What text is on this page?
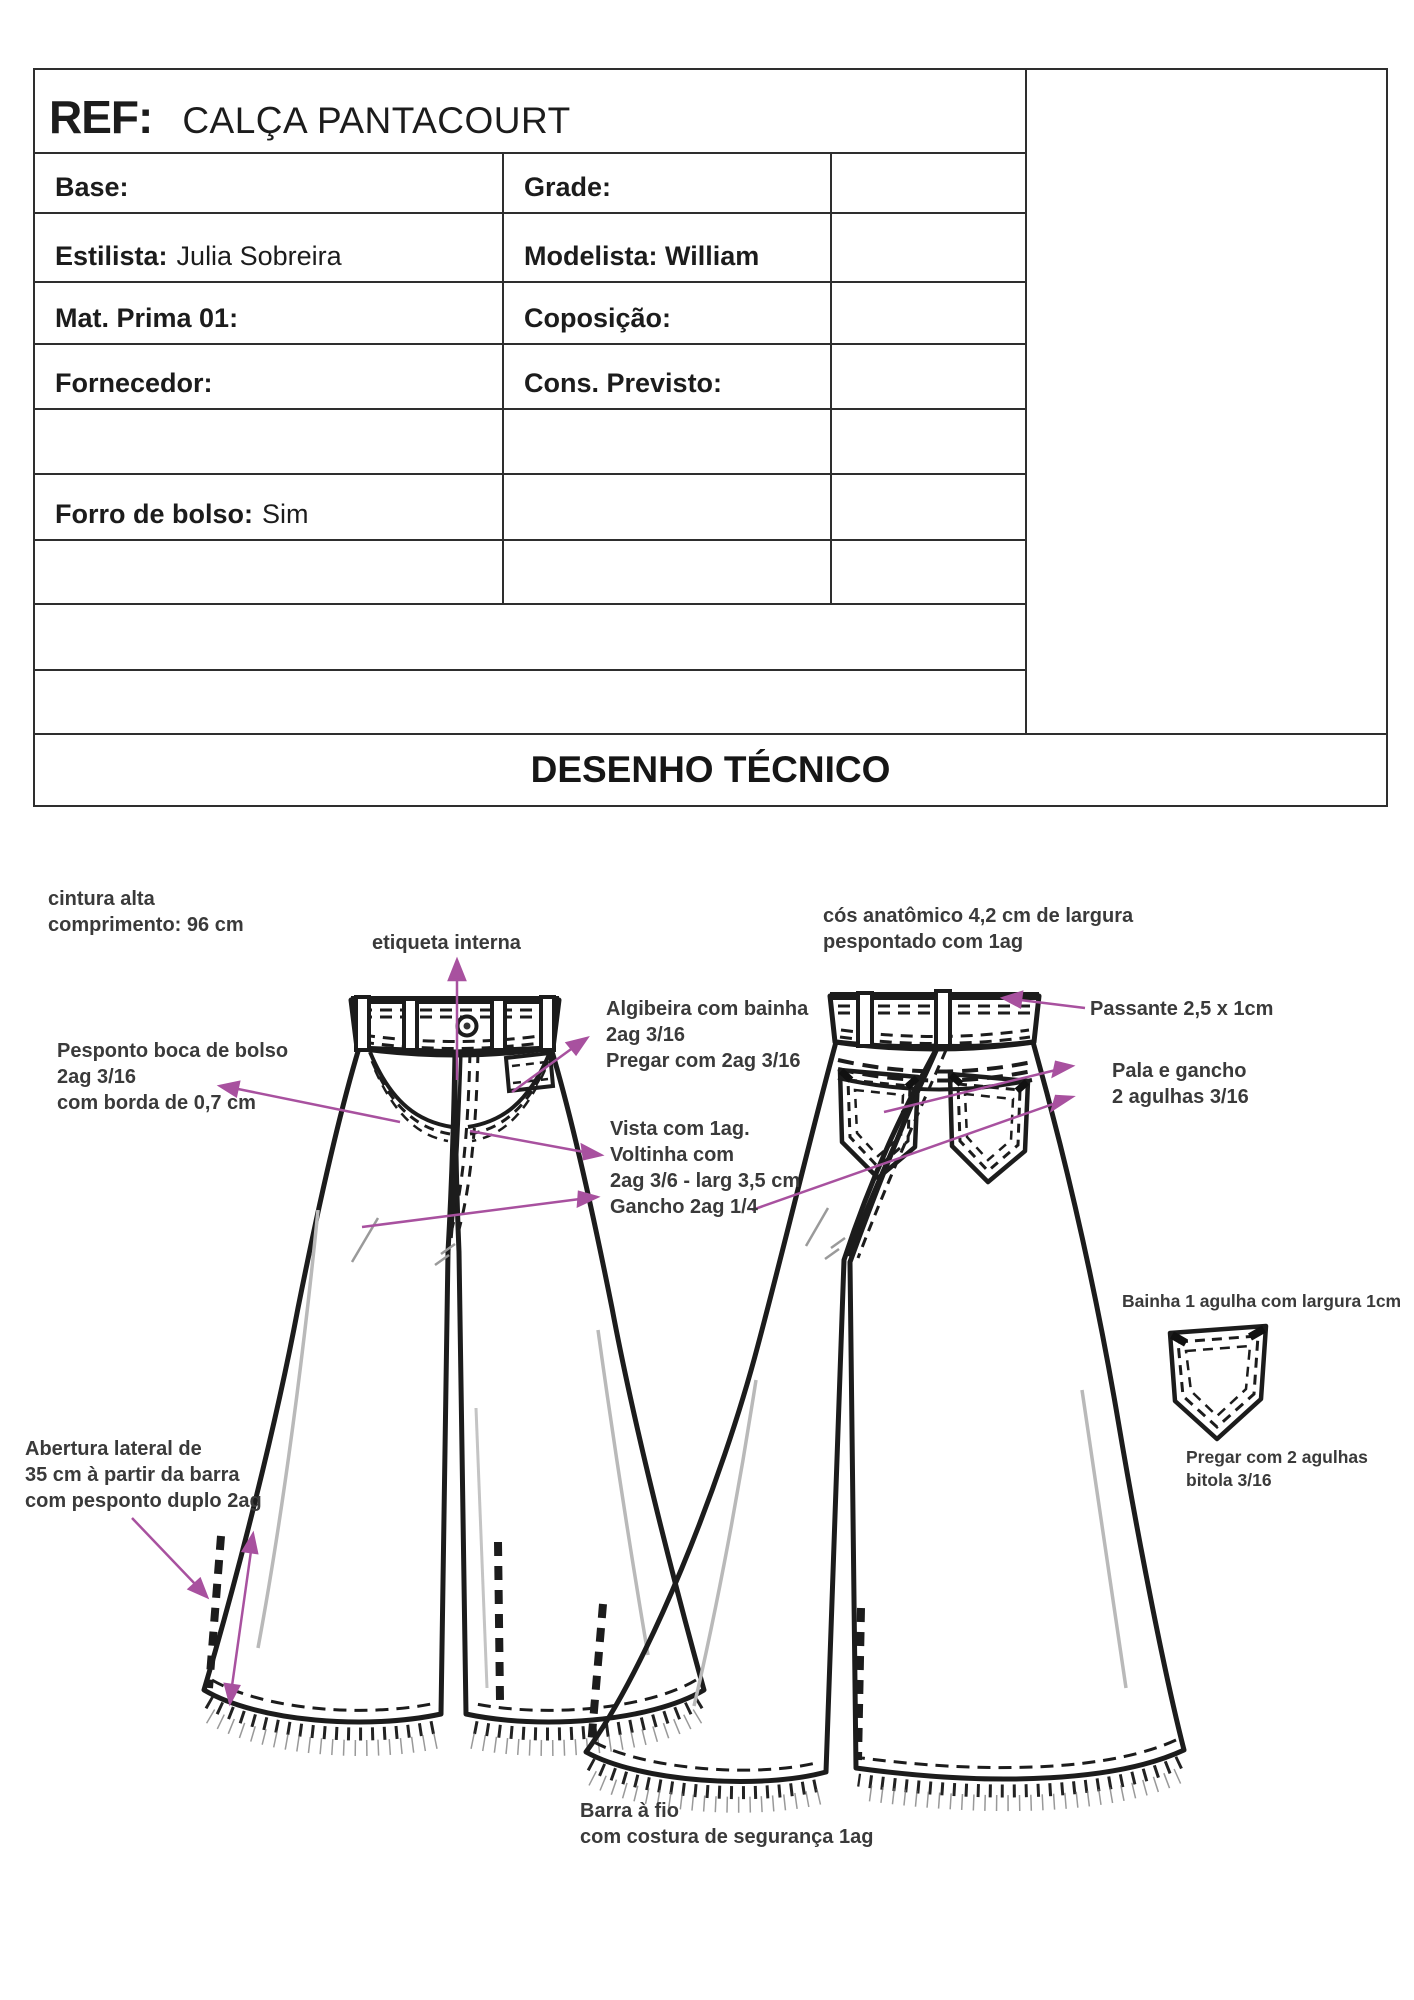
REF: CALÇA PANTACOURT
Base:	Grade:
Estilista: Julia Sobreira	Modelista: William
Mat. Prima 01:	Coposição:
Fornecedor:	Cons. Previsto:
Forro de bolso: Sim
DESENHO TÉCNICO
cintura alta
comprimento: 96 cm
etiqueta interna
cós anatômico 4,2 cm de largura
pespontado com 1ag
Algibeira com bainha
2ag 3/16
Pregar com 2ag 3/16
Passante 2,5 x 1cm
Pala e gancho
2 agulhas 3/16
Pesponto boca de bolso
2ag 3/16
com borda de 0,7 cm
Vista com 1ag.
Voltinha com
2ag 3/6 - larg 3,5 cm
Gancho 2ag 1/4
Bainha 1 agulha com largura 1cm
Pregar com 2 agulhas
bitola 3/16
Abertura lateral de
35 cm à partir da barra
com pesponto duplo 2ag
Barra à fio
com costura de segurança 1ag
